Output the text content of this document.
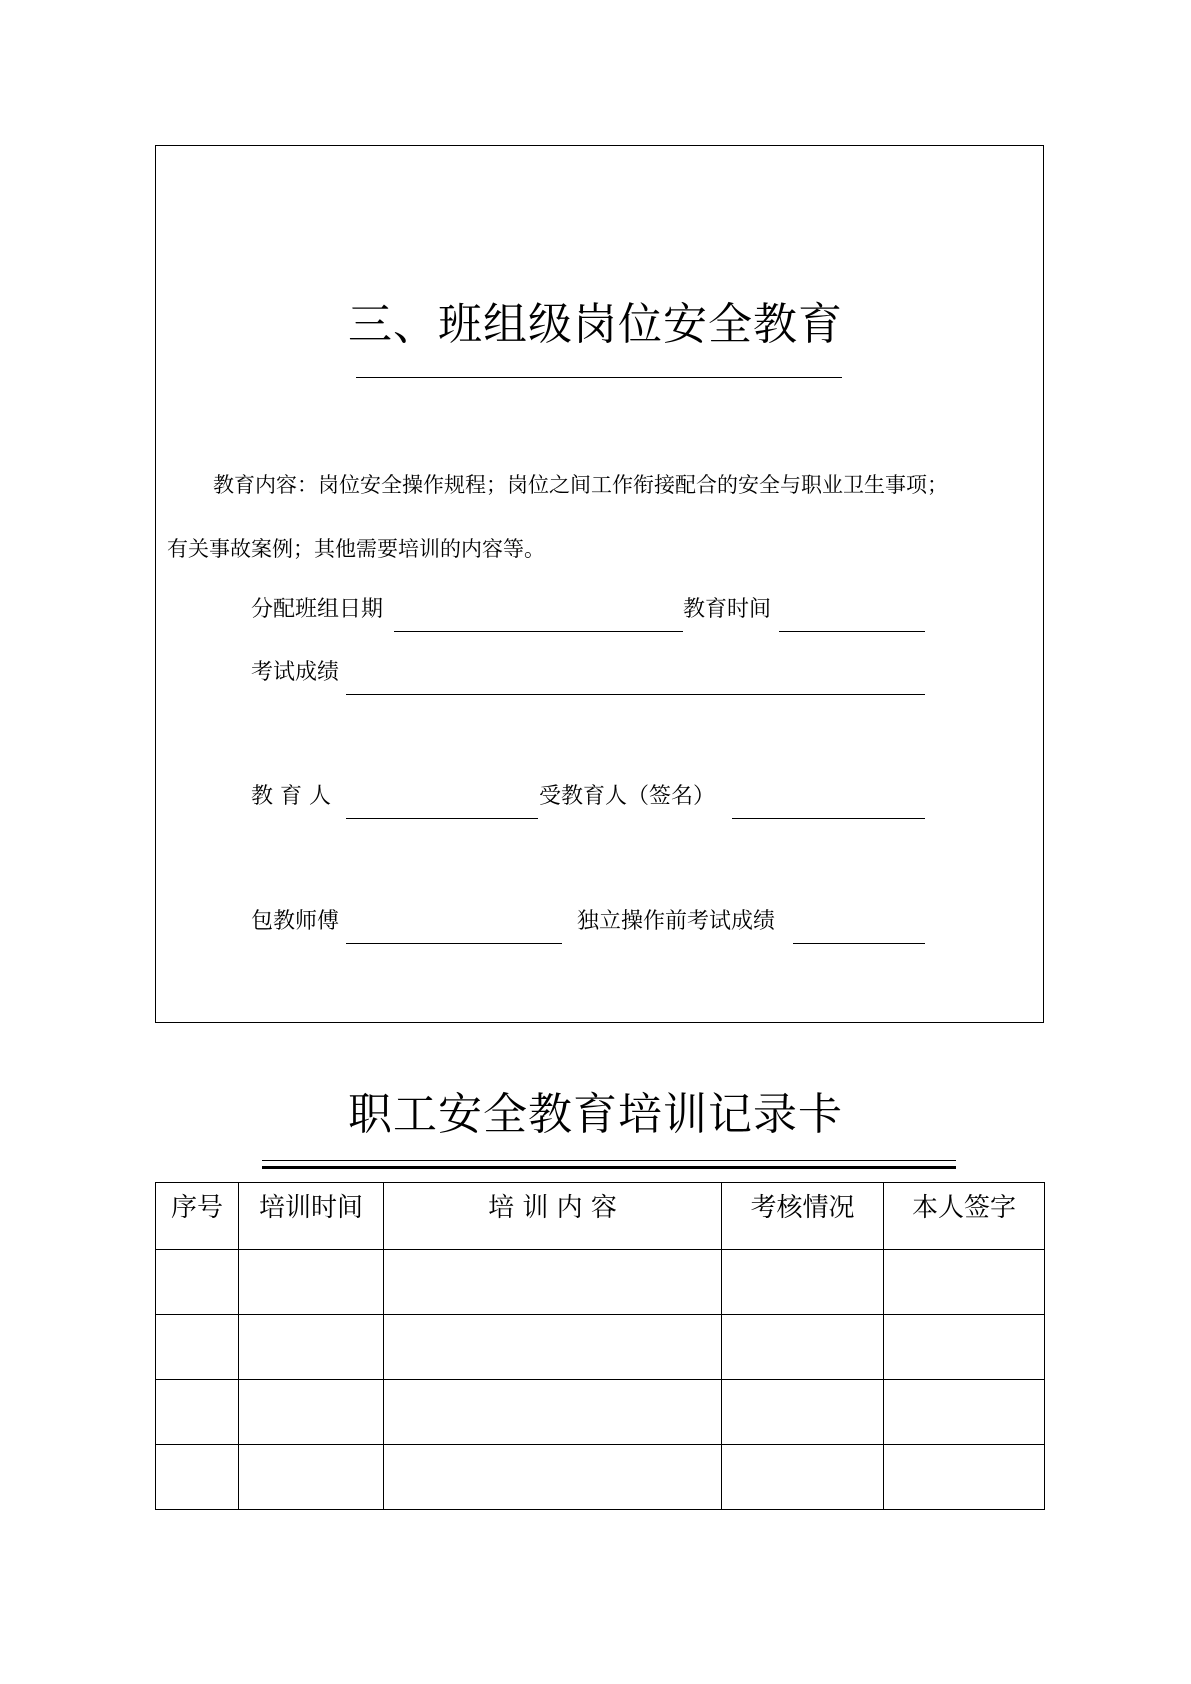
三、班组级岗位安全教育
教育内容：岗位安全操作规程；岗位之间工作衔接配合的安全与职业卫生事项；
有关事故案例；其他需要培训的内容等。
分配班组日期	教育时间
考试成绩
教 育 人	受教育人（签名）
包教师傅	独立操作前考试成绩
职工安全教育培训记录卡
序号	培训时间	培 训 内 容	考核情况	本人签字
